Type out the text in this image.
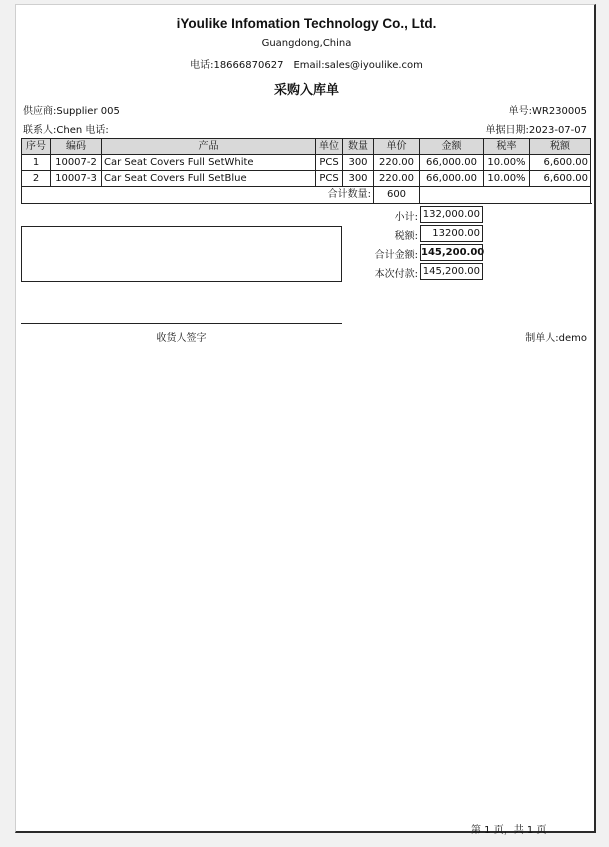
iYoulike Infomation Technology Co., Ltd.
Guangdong,China
电话:18666870627 Email:sales@iyoulike.com
采购入库单
供应商:Supplier 005	单号:WR230005
联系人:Chen 电话:	单据日期:2023-07-07
序号	编码	产品	单位	数量	单价	金额	税率	税额
1	10007-2	Car Seat Covers Full SetWhite	PCS	300	220.00	66,000.00	10.00%	6,600.00
2	10007-3	Car Seat Covers Full SetBlue	PCS	300	220.00	66,000.00	10.00%	6,600.00
合计数量:					600			
小计: 132,000.00
税额:	13200.00
合计金额: 145,200.00
本次付款: 145,200.00
收货人签字	制单人:demo
第 1 页，共 1 页
